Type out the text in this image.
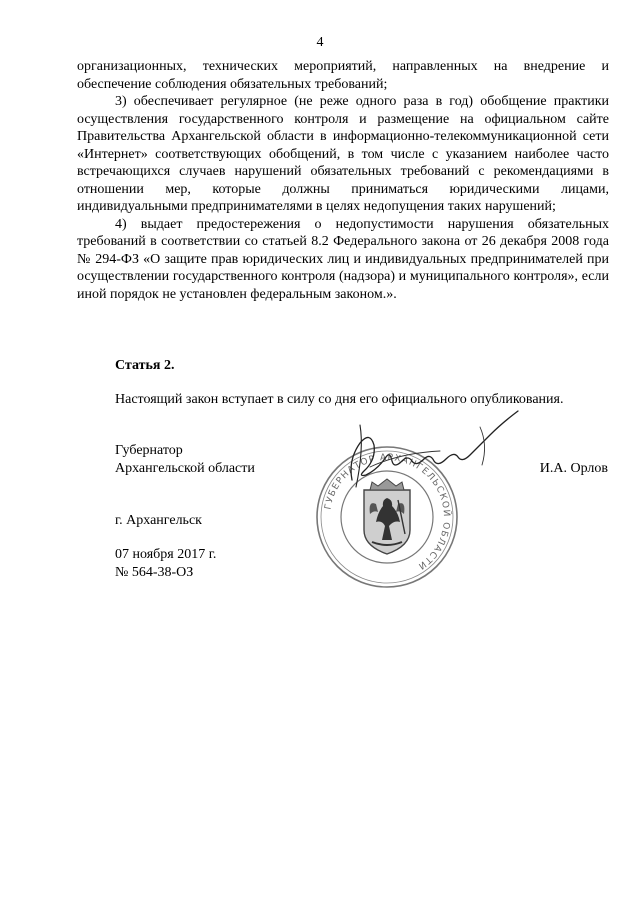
4

организационных, технических мероприятий, направленных на внедрение и обеспечение соблюдения обязательных требований;

3) обеспечивает регулярное (не реже одного раза в год) обобщение практики осуществления государственного контроля и размещение на официальном сайте Правительства Архангельской области в информационно-телекоммуникационной сети «Интернет» соответствующих обобщений, в том числе с указанием наиболее часто встречающихся случаев нарушений обязательных требований с рекомендациями в отношении мер, которые должны приниматься юридическими лицами, индивидуальными предпринимателями в целях недопущения таких нарушений;

4) выдает предостережения о недопустимости нарушения обязательных требований в соответствии со статьей 8.2 Федерального закона от 26 декабря 2008 года № 294-ФЗ «О защите прав юридических лиц и индивидуальных предпринимателей при осуществлении государственного контроля (надзора) и муниципального контроля», если иной порядок не установлен федеральным законом.».

Статья 2.
Настоящий закон вступает в силу со дня его официального опубликования.
Губернатор
Архангельской области	И.А. Орлов
г. Архангельск
07 ноября 2017 г.
№ 564-38-ОЗ
ГУБЕРНАТОР АРХАНГЕЛЬСКОЙ ОБЛАСТИ
